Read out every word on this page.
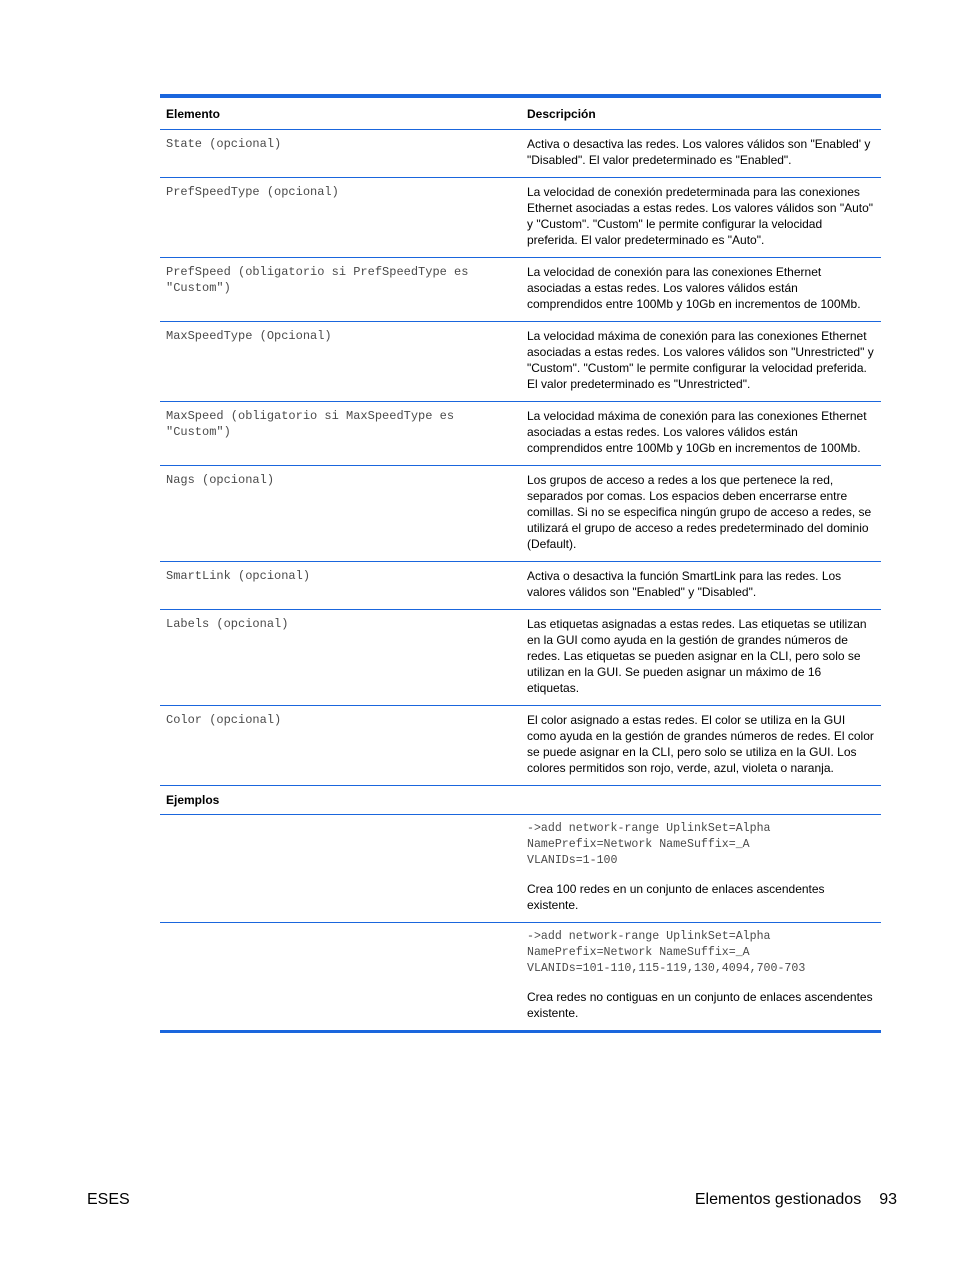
Elemento	Descripción
State (opcional)	Activa o desactiva las redes. Los valores válidos son "Enabled' y "Disabled". El valor predeterminado es "Enabled".
PrefSpeedType (opcional)	La velocidad de conexión predeterminada para las conexiones Ethernet asociadas a estas redes. Los valores válidos son "Auto" y "Custom". "Custom" le permite configurar la velocidad preferida. El valor predeterminado es "Auto".
PrefSpeed (obligatorio si PrefSpeedType es "Custom")	La velocidad de conexión para las conexiones Ethernet asociadas a estas redes. Los valores válidos están comprendidos entre 100Mb y 10Gb en incrementos de 100Mb.
MaxSpeedType (Opcional)	La velocidad máxima de conexión para las conexiones Ethernet asociadas a estas redes. Los valores válidos son "Unrestricted" y "Custom". "Custom" le permite configurar la velocidad preferida. El valor predeterminado es "Unrestricted".
MaxSpeed (obligatorio si MaxSpeedType es "Custom")	La velocidad máxima de conexión para las conexiones Ethernet asociadas a estas redes. Los valores válidos están comprendidos entre 100Mb y 10Gb en incrementos de 100Mb.
Nags (opcional)	Los grupos de acceso a redes a los que pertenece la red, separados por comas. Los espacios deben encerrarse entre comillas. Si no se especifica ningún grupo de acceso a redes, se utilizará el grupo de acceso a redes predeterminado del dominio (Default).
SmartLink (opcional)	Activa o desactiva la función SmartLink para las redes. Los valores válidos son "Enabled" y "Disabled".
Labels (opcional)	Las etiquetas asignadas a estas redes. Las etiquetas se utilizan en la GUI como ayuda en la gestión de grandes números de redes. Las etiquetas se pueden asignar en la CLI, pero solo se utilizan en la GUI. Se pueden asignar un máximo de 16 etiquetas.
Color (opcional)	El color asignado a estas redes. El color se utiliza en la GUI como ayuda en la gestión de grandes números de redes. El color se puede asignar en la CLI, pero solo se utiliza en la GUI. Los colores permitidos son rojo, verde, azul, violeta o naranja.
Ejemplos	

	->add network-range UplinkSet=Alpha
NamePrefix=Network NameSuffix=_A
VLANIDs=1-100
Crea 100 redes en un conjunto de enlaces ascendentes existente.

	->add network-range UplinkSet=Alpha
NamePrefix=Network NameSuffix=_A
VLANIDs=101-110,115-119,130,4094,700-703
Crea redes no contiguas en un conjunto de enlaces ascendentes existente.
ESES	Elementos gestionados 93
